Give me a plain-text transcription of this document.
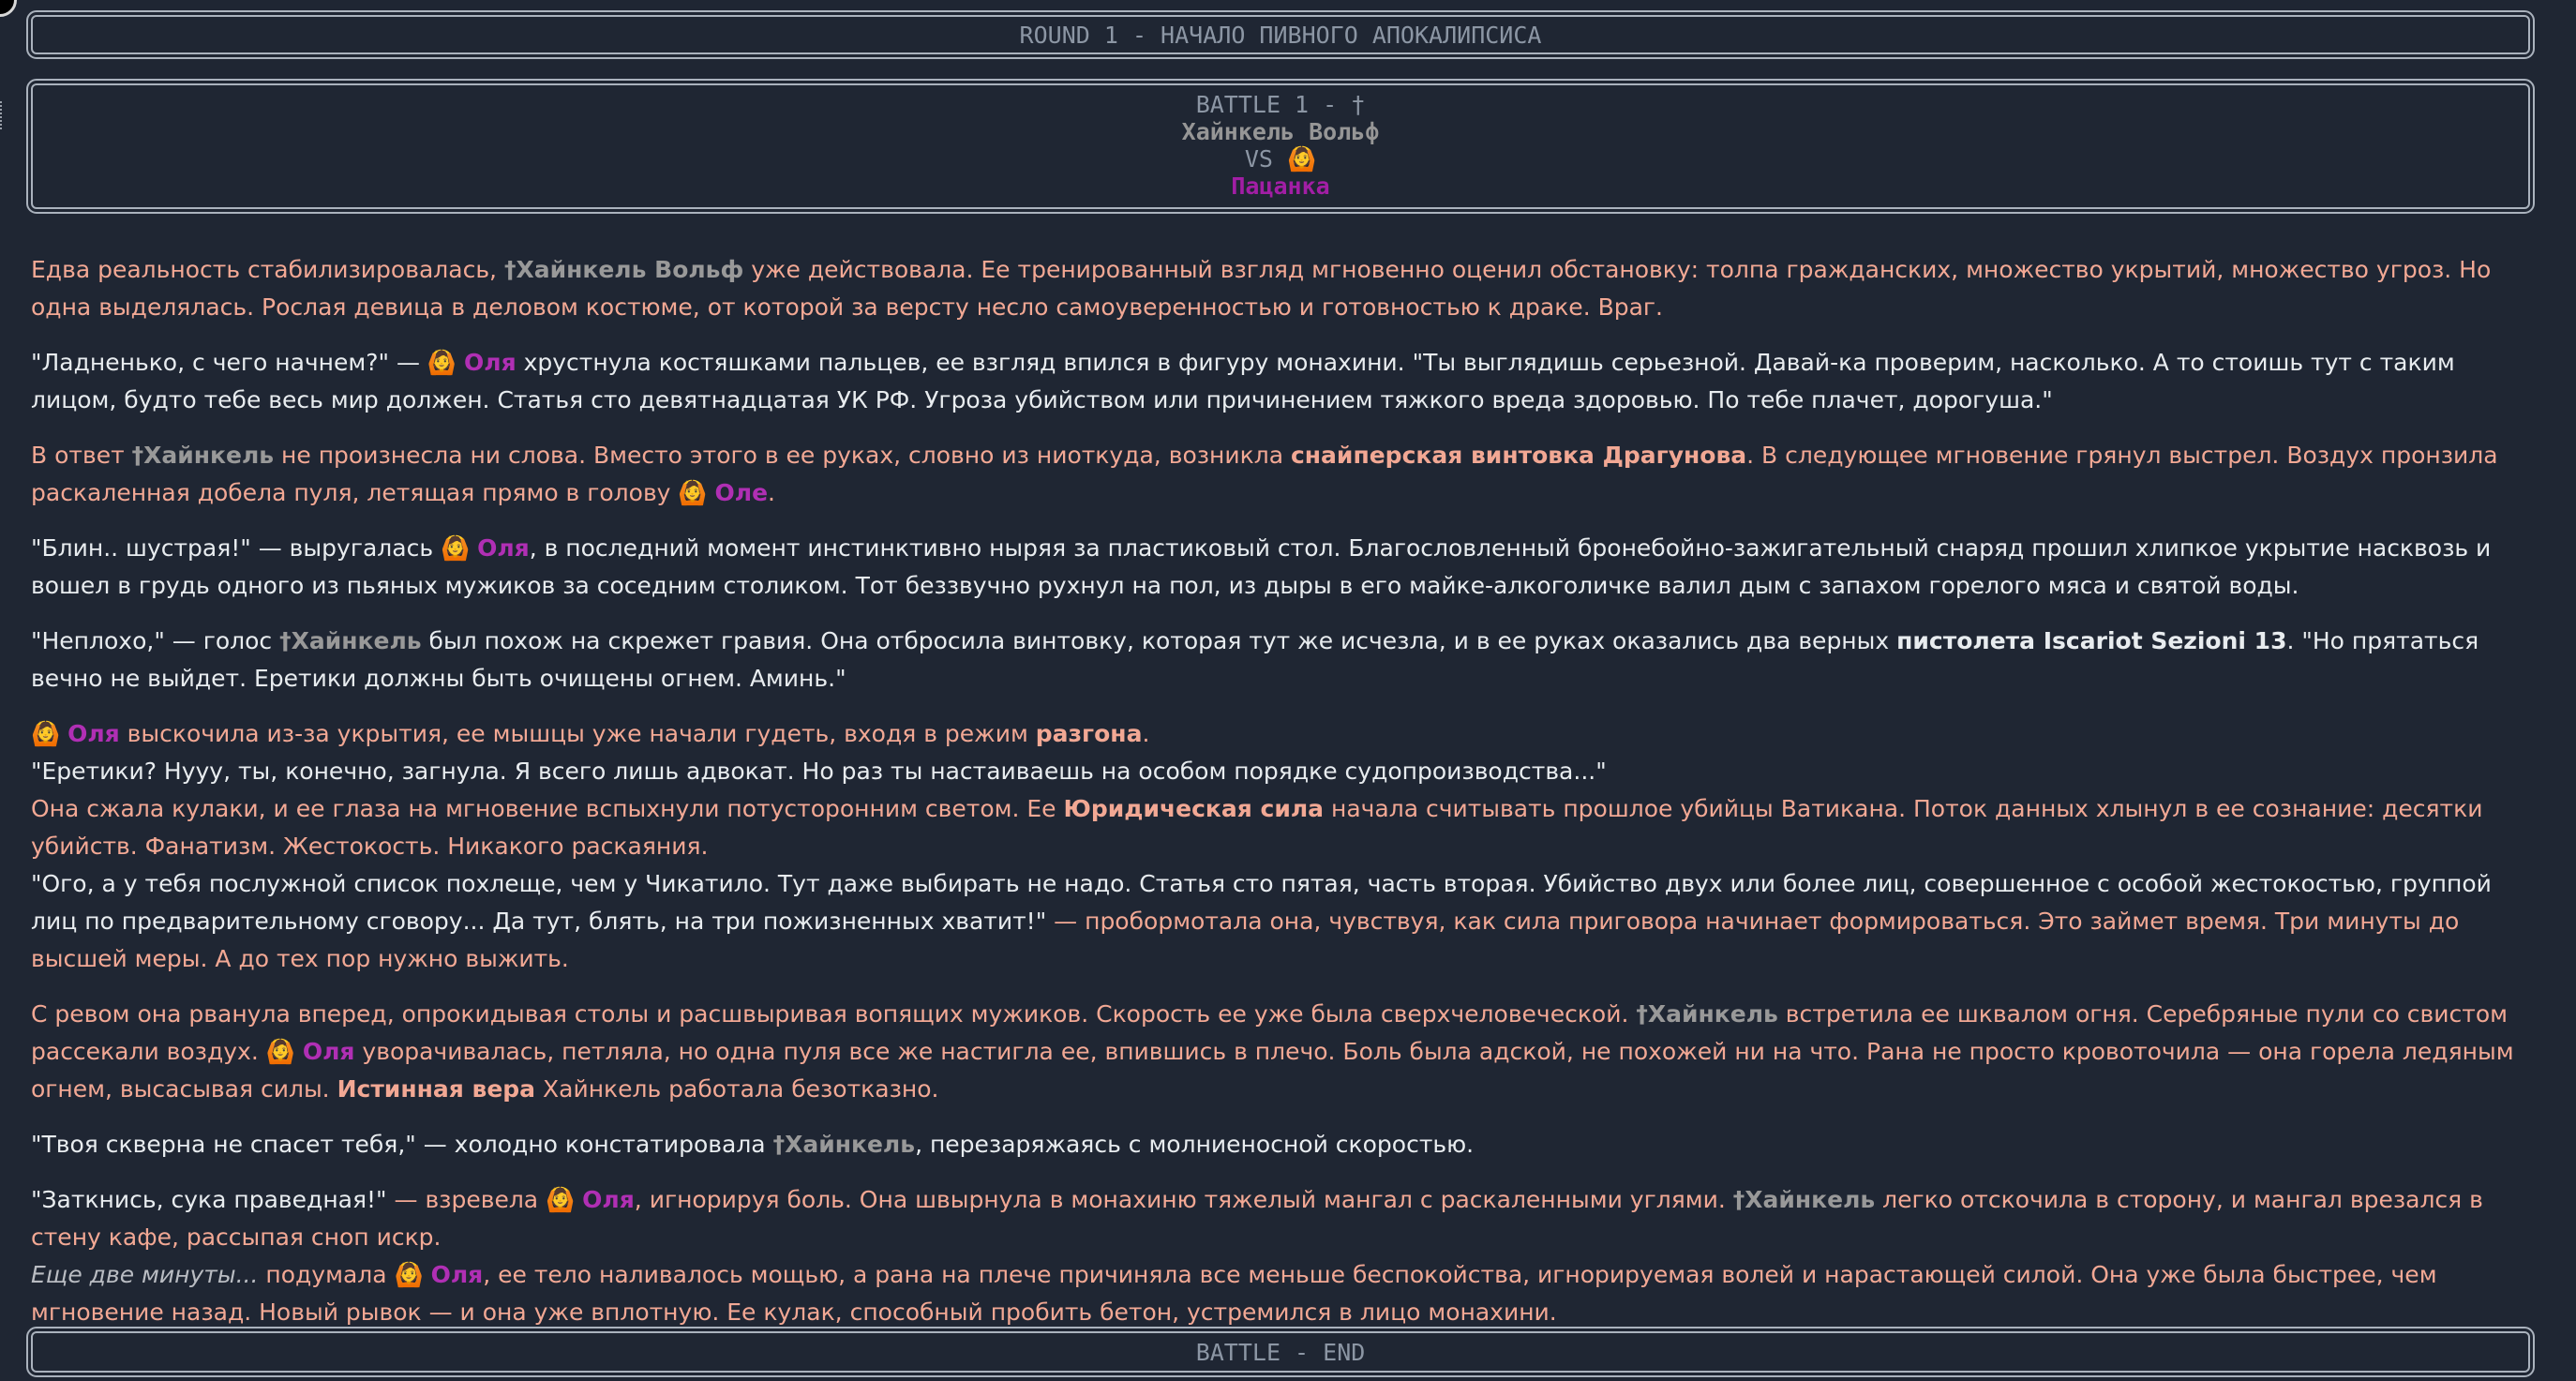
ROUND 1 - НАЧАЛО ПИВНОГО АПОКАЛИПСИСА
BATTLE 1 - †
Хайнкель Вольф
VS 🙆
Пацанка

Едва реальность стабилизировалась, †Хайнкель Вольф уже действовала. Ее тренированный взгляд мгновенно оценил обстановку: толпа гражданских, множество укрытий, множество угроз. Но одна выделялась. Рослая девица в деловом костюме, от которой за версту несло самоуверенностью и готовностью к драке. Враг.

"Ладненько, с чего начнем?" — 🙆 Оля хрустнула костяшками пальцев, ее взгляд впился в фигуру монахини. "Ты выглядишь серьезной. Давай-ка проверим, насколько. А то стоишь тут с таким лицом, будто тебе весь мир должен. Статья сто девятнадцатая УК РФ. Угроза убийством или причинением тяжкого вреда здоровью. По тебе плачет, дорогуша."

В ответ †Хайнкель не произнесла ни слова. Вместо этого в ее руках, словно из ниоткуда, возникла снайперская винтовка Драгунова. В следующее мгновение грянул выстрел. Воздух пронзила раскаленная добела пуля, летящая прямо в голову 🙆 Оле.

"Блин.. шустрая!" — выругалась 🙆 Оля, в последний момент инстинктивно ныряя за пластиковый стол. Благословленный бронебойно-зажигательный снаряд прошил хлипкое укрытие насквозь и вошел в грудь одного из пьяных мужиков за соседним столиком. Тот беззвучно рухнул на пол, из дыры в его майке-алкоголичке валил дым с запахом горелого мяса и святой воды.

"Неплохо," — голос †Хайнкель был похож на скрежет гравия. Она отбросила винтовку, которая тут же исчезла, и в ее руках оказались два верных пистолета Iscariot Sezioni 13. "Но прятаться вечно не выйдет. Еретики должны быть очищены огнем. Аминь."

🙆 Оля выскочила из-за укрытия, ее мышцы уже начали гудеть, входя в режим разгона.

"Еретики? Нууу, ты, конечно, загнула. Я всего лишь адвокат. Но раз ты настаиваешь на особом порядке судопроизводства..."

Она сжала кулаки, и ее глаза на мгновение вспыхнули потусторонним светом. Ее Юридическая сила начала считывать прошлое убийцы Ватикана. Поток данных хлынул в ее сознание: десятки убийств. Фанатизм. Жестокость. Никакого раскаяния.

"Ого, а у тебя послужной список похлеще, чем у Чикатило. Тут даже выбирать не надо. Статья сто пятая, часть вторая. Убийство двух или более лиц, совершенное с особой жестокостью, группой лиц по предварительному сговору... Да тут, блять, на три пожизненных хватит!" — пробормотала она, чувствуя, как сила приговора начинает формироваться. Это займет время. Три минуты до высшей меры. А до тех пор нужно выжить.

С ревом она рванула вперед, опрокидывая столы и расшвыривая вопящих мужиков. Скорость ее уже была сверхчеловеческой. †Хайнкель встретила ее шквалом огня. Серебряные пули со свистом рассекали воздух. 🙆 Оля уворачивалась, петляла, но одна пуля все же настигла ее, впившись в плечо. Боль была адской, не похожей ни на что. Рана не просто кровоточила — она горела ледяным огнем, высасывая силы. Истинная вера Хайнкель работала безотказно.

"Твоя скверна не спасет тебя," — холодно констатировала †Хайнкель, перезаряжаясь с молниеносной скоростью.

"Заткнись, сука праведная!" — взревела 🙆 Оля, игнорируя боль. Она швырнула в монахиню тяжелый мангал с раскаленными углями. †Хайнкель легко отскочила в сторону, и мангал врезался в стену кафе, рассыпая сноп искр.

Еще две минуты... подумала 🙆 Оля, ее тело наливалось мощью, а рана на плече причиняла все меньше беспокойства, игнорируемая волей и нарастающей силой. Она уже была быстрее, чем мгновение назад. Новый рывок — и она уже вплотную. Ее кулак, способный пробить бетон, устремился в лицо монахини.

BATTLE - END
